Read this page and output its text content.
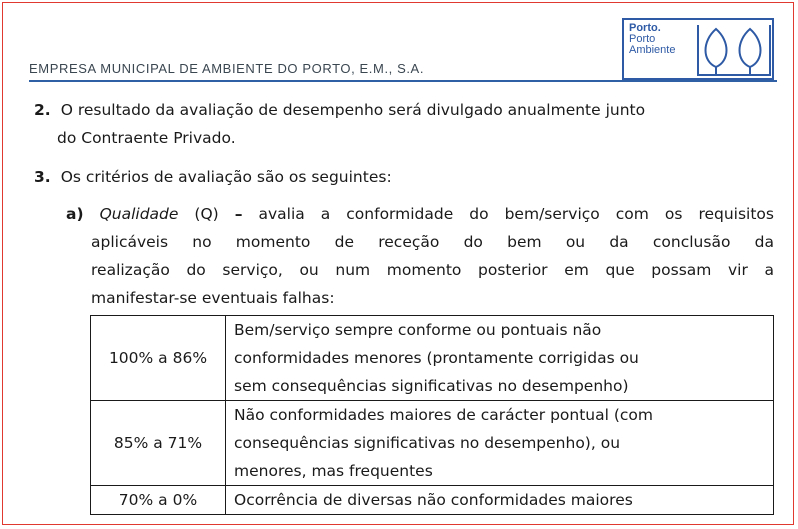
EMPRESA MUNICIPAL DE AMBIENTE DO PORTO, E.M., S.A.
Porto.
Porto
Ambiente
2. O resultado da avaliação de desempenho será divulgado anualmente junto
do Contraente Privado.
3. Os critérios de avaliação são os seguintes:
a) Qualidade (Q) – avalia a conformidade do bem/serviço com os requisitos
aplicáveis no momento de receção do bem ou da conclusão da
realização do serviço, ou num momento posterior em que possam vir a
manifestar-se eventuais falhas:
100% a 86%	Bem/serviço sempre conforme ou pontuais não
conformidades menores (prontamente corrigidas ou
sem consequências significativas no desempenho)
85% a 71%	Não conformidades maiores de carácter pontual (com
consequências significativas no desempenho), ou
menores, mas frequentes
70% a 0%	Ocorrência de diversas não conformidades maiores
